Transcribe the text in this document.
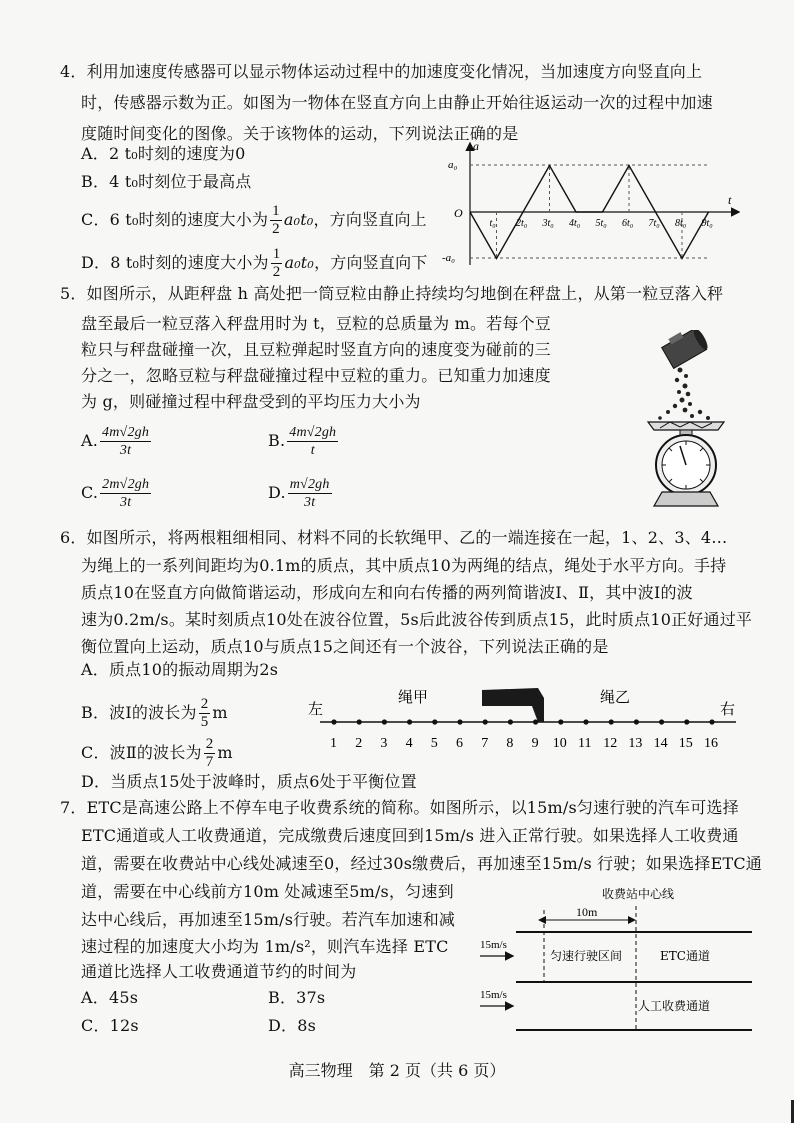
4．利用加速度传感器可以显示物体运动过程中的加速度变化情况，当加速度方向竖直向上
时，传感器示数为正。如图为一物体在竖直方向上由静止开始往返运动一次的过程中加速
度随时间变化的图像。关于该物体的运动，下列说法正确的是
A．2 t₀时刻的速度为0
B．4 t₀时刻位于最高点
C．6 t₀时刻的速度大小为 $\frac{1}{2} a_0t_0$，方向竖直向上
D．8 t₀时刻的速度大小为 $\frac{1}{2} a_0t_0$，方向竖直向下
t₀ 2t₀ 3t₀ 4t₀ 5t₀ 6t₀ 7t₀ 8t₀ 9t₀
a
t
O
a₀
-a₀
5．如图所示，从距秤盘 h 高处把一筒豆粒由静止持续均匀地倒在秤盘上，从第一粒豆落入秤
盘至最后一粒豆落入秤盘用时为 t，豆粒的总质量为 m。若每个豆
粒只与秤盘碰撞一次，且豆粒弹起时竖直方向的速度变为碰前的三
分之一，忽略豆粒与秤盘碰撞过程中豆粒的重力。已知重力加速度
为 g，则碰撞过程中秤盘受到的平均压力大小为
A. $\frac{4m√2gh}{3t}$	B. $\frac{4m√2gh}{t}$
C. $\frac{2m√2gh}{3t}$	D. $\frac{m√2gh}{3t}$
6．如图所示，将两根粗细相同、材料不同的长软绳甲、乙的一端连接在一起，1、2、3、4…
为绳上的一系列间距均为0.1m的质点，其中质点10为两绳的结点，绳处于水平方向。手持
质点10在竖直方向做简谐运动，形成向左和向右传播的两列简谐波Ⅰ、Ⅱ，其中波Ⅰ的波
速为0.2m/s。某时刻质点10处在波谷位置，5s后此波谷传到质点15，此时质点10正好通过平
衡位置向上运动，质点10与质点15之间还有一个波谷，下列说法正确的是
A．质点10的振动周期为2s
B．波Ⅰ的波长为 $\frac{2}{5}$ m
C．波Ⅱ的波长为 $\frac{2}{7}$ m
D．当质点15处于波峰时，质点6处于平衡位置
1 2 3 4 5 6 7 8 9 10 11 12 13 14 15 16
左	右
绳甲	绳乙
7．ETC是高速公路上不停车电子收费系统的简称。如图所示，以15m/s匀速行驶的汽车可选择
ETC通道或人工收费通道，完成缴费后速度回到15m/s 进入正常行驶。如果选择人工收费通
道，需要在收费站中心线处减速至0，经过30s缴费后，再加速至15m/s 行驶；如果选择ETC通
道，需要在中心线前方10m 处减速至5m/s，匀速到
达中心线后，再加速至15m/s行驶。若汽车加速和减
速过程的加速度大小均为 1m/s²，则汽车选择 ETC
通道比选择人工收费通道节约的时间为
A．45s	B．37s
C．12s	D．8s
收费站中心线
10m
15m/s
匀速行驶区间	ETC通道
15m/s
人工收费通道
高三物理　第 2 页（共 6 页）
